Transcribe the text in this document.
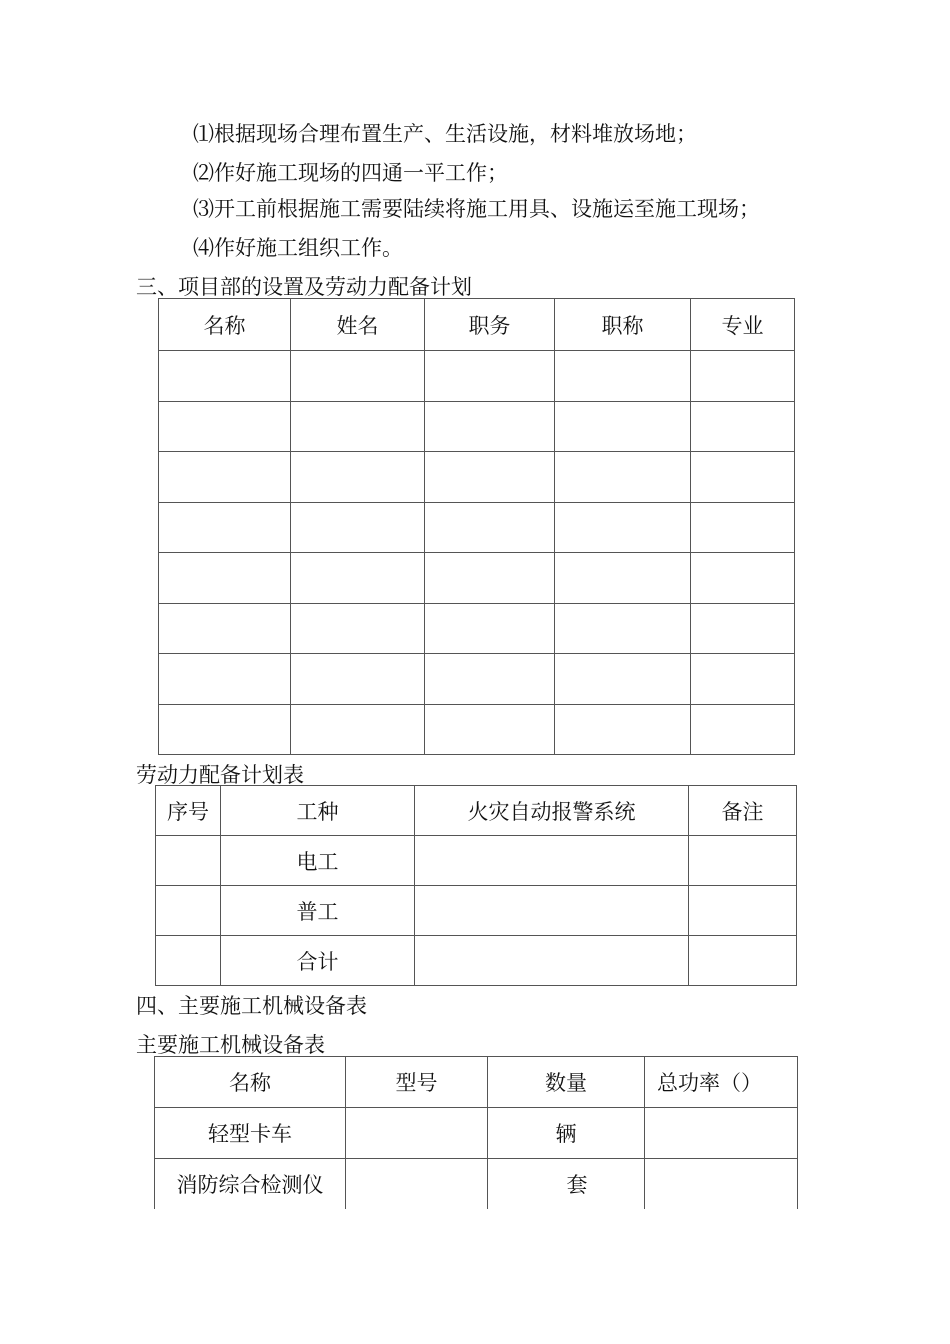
⑴根据现场合理布置生产、生活设施，材料堆放场地；
⑵作好施工现场的四通一平工作；
⑶开工前根据施工需要陆续将施工用具、设施运至施工现场；
⑷作好施工组织工作。
三、项目部的设置及劳动力配备计划
名称	姓名	职务	职称	专业

劳动力配备计划表
序号	工种	火灾自动报警系统	备注
	电工		
	普工		
	合计		
四、主要施工机械设备表
主要施工机械设备表
名称	型号	数量	总功率（）
轻型卡车		辆	
消防综合检测仪		套	
